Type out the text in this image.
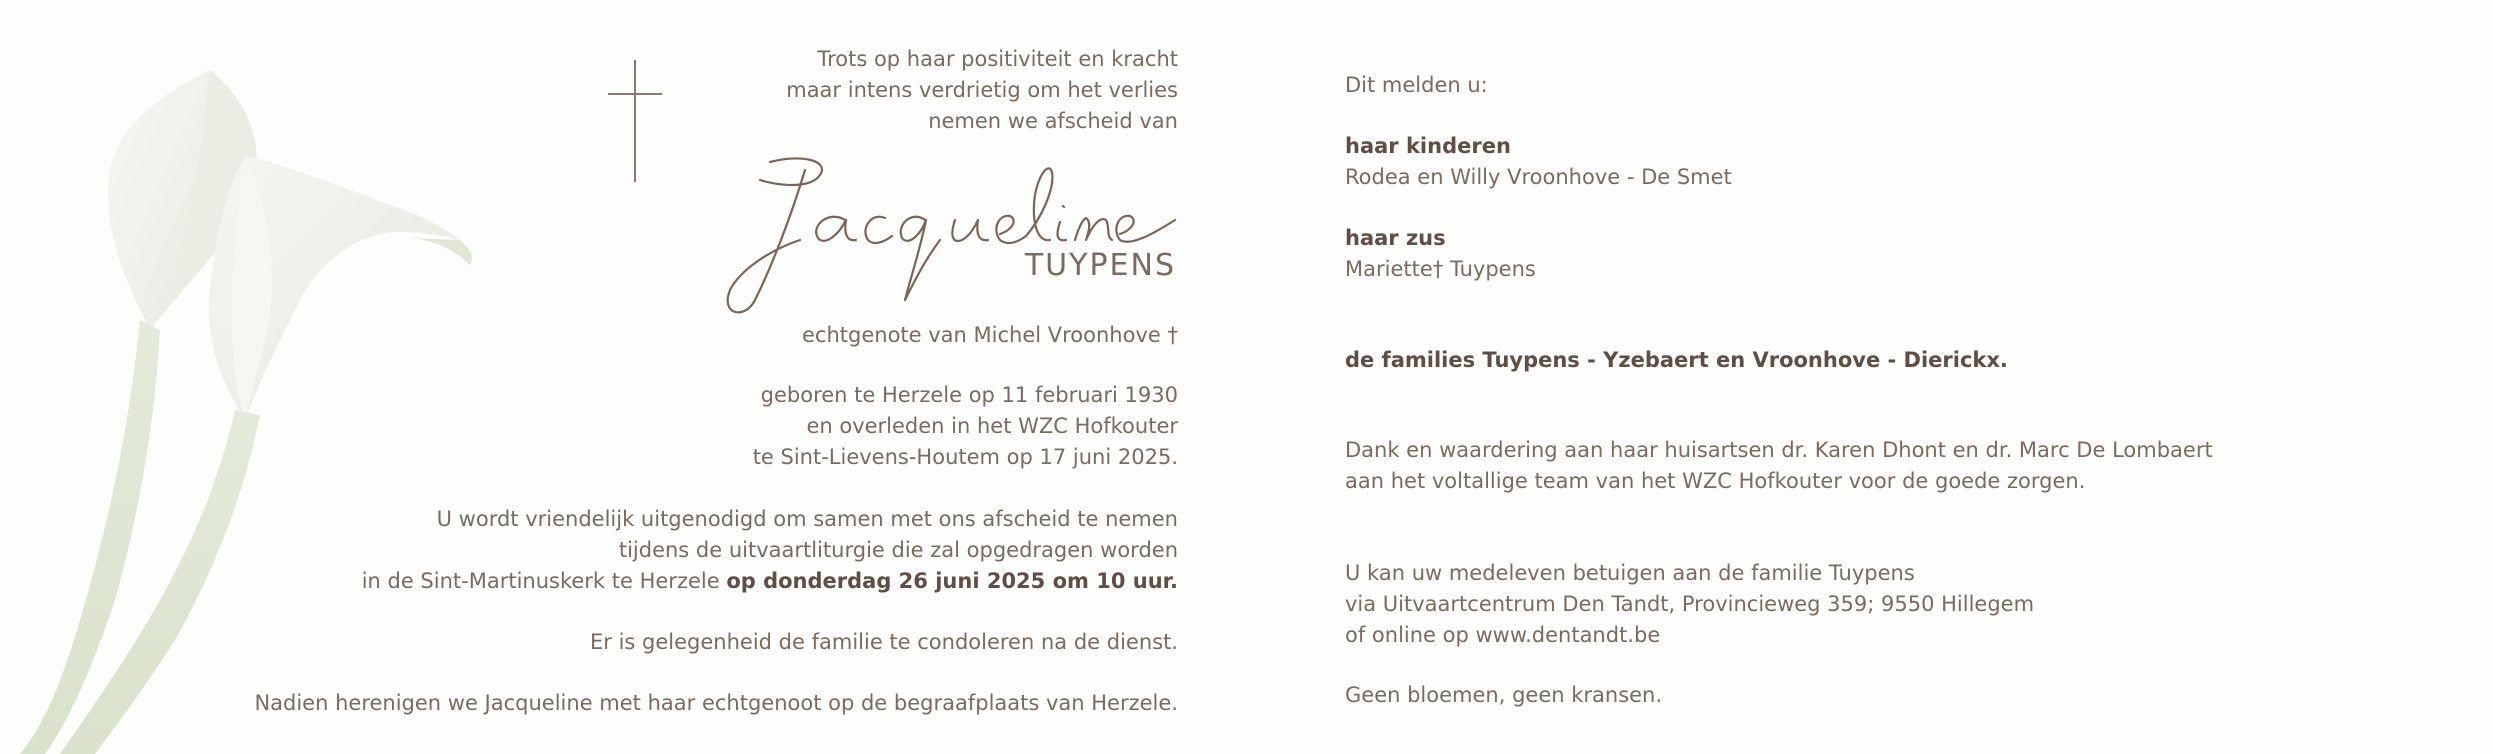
Trots op haar positiviteit en kracht
maar intens verdrietig om het verlies
nemen we afscheid van
TUYPENS
echtgenote van Michel Vroonhove †
geboren te Herzele op 11 februari 1930
en overleden in het WZC Hofkouter
te Sint-Lievens-Houtem op 17 juni 2025.
U wordt vriendelijk uitgenodigd om samen met ons afscheid te nemen
tijdens de uitvaartliturgie die zal opgedragen worden
in de Sint-Martinuskerk te Herzele op donderdag 26 juni 2025 om 10 uur.
Er is gelegenheid de familie te condoleren na de dienst.
Nadien herenigen we Jacqueline met haar echtgenoot op de begraafplaats van Herzele.
Dit melden u:
haar kinderen
Rodea en Willy Vroonhove - De Smet
haar zus
Mariette† Tuypens
de families Tuypens - Yzebaert en Vroonhove - Dierickx.
Dank en waardering aan haar huisartsen dr. Karen Dhont en dr. Marc De Lombaert
aan het voltallige team van het WZC Hofkouter voor de goede zorgen.
U kan uw medeleven betuigen aan de familie Tuypens
via Uitvaartcentrum Den Tandt, Provincieweg 359; 9550 Hillegem
of online op www.dentandt.be
Geen bloemen, geen kransen.
